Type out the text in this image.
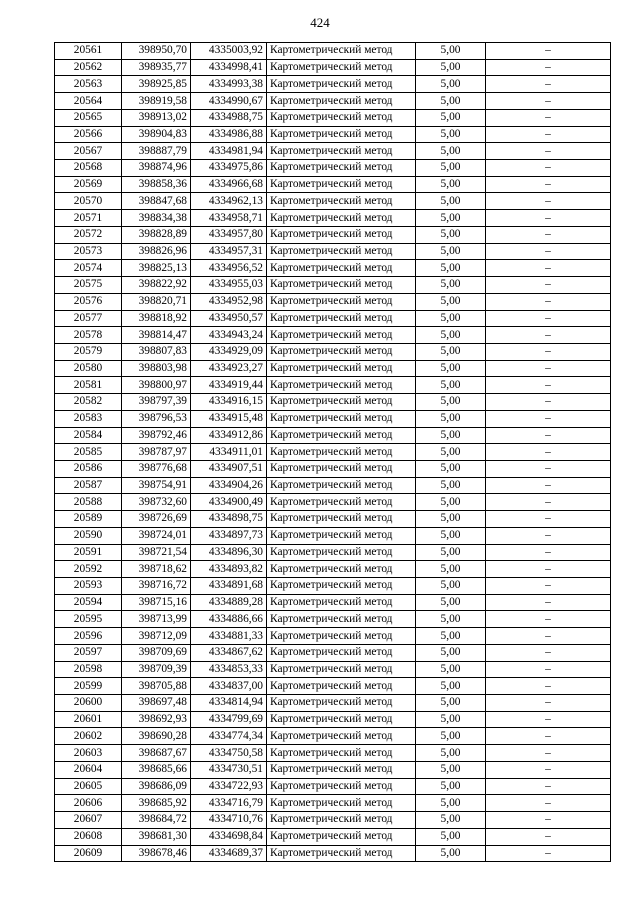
424
20561	398950,70	4335003,92	Картометрический метод	5,00	–
20562	398935,77	4334998,41	Картометрический метод	5,00	–
20563	398925,85	4334993,38	Картометрический метод	5,00	–
20564	398919,58	4334990,67	Картометрический метод	5,00	–
20565	398913,02	4334988,75	Картометрический метод	5,00	–
20566	398904,83	4334986,88	Картометрический метод	5,00	–
20567	398887,79	4334981,94	Картометрический метод	5,00	–
20568	398874,96	4334975,86	Картометрический метод	5,00	–
20569	398858,36	4334966,68	Картометрический метод	5,00	–
20570	398847,68	4334962,13	Картометрический метод	5,00	–
20571	398834,38	4334958,71	Картометрический метод	5,00	–
20572	398828,89	4334957,80	Картометрический метод	5,00	–
20573	398826,96	4334957,31	Картометрический метод	5,00	–
20574	398825,13	4334956,52	Картометрический метод	5,00	–
20575	398822,92	4334955,03	Картометрический метод	5,00	–
20576	398820,71	4334952,98	Картометрический метод	5,00	–
20577	398818,92	4334950,57	Картометрический метод	5,00	–
20578	398814,47	4334943,24	Картометрический метод	5,00	–
20579	398807,83	4334929,09	Картометрический метод	5,00	–
20580	398803,98	4334923,27	Картометрический метод	5,00	–
20581	398800,97	4334919,44	Картометрический метод	5,00	–
20582	398797,39	4334916,15	Картометрический метод	5,00	–
20583	398796,53	4334915,48	Картометрический метод	5,00	–
20584	398792,46	4334912,86	Картометрический метод	5,00	–
20585	398787,97	4334911,01	Картометрический метод	5,00	–
20586	398776,68	4334907,51	Картометрический метод	5,00	–
20587	398754,91	4334904,26	Картометрический метод	5,00	–
20588	398732,60	4334900,49	Картометрический метод	5,00	–
20589	398726,69	4334898,75	Картометрический метод	5,00	–
20590	398724,01	4334897,73	Картометрический метод	5,00	–
20591	398721,54	4334896,30	Картометрический метод	5,00	–
20592	398718,62	4334893,82	Картометрический метод	5,00	–
20593	398716,72	4334891,68	Картометрический метод	5,00	–
20594	398715,16	4334889,28	Картометрический метод	5,00	–
20595	398713,99	4334886,66	Картометрический метод	5,00	–
20596	398712,09	4334881,33	Картометрический метод	5,00	–
20597	398709,69	4334867,62	Картометрический метод	5,00	–
20598	398709,39	4334853,33	Картометрический метод	5,00	–
20599	398705,88	4334837,00	Картометрический метод	5,00	–
20600	398697,48	4334814,94	Картометрический метод	5,00	–
20601	398692,93	4334799,69	Картометрический метод	5,00	–
20602	398690,28	4334774,34	Картометрический метод	5,00	–
20603	398687,67	4334750,58	Картометрический метод	5,00	–
20604	398685,66	4334730,51	Картометрический метод	5,00	–
20605	398686,09	4334722,93	Картометрический метод	5,00	–
20606	398685,92	4334716,79	Картометрический метод	5,00	–
20607	398684,72	4334710,76	Картометрический метод	5,00	–
20608	398681,30	4334698,84	Картометрический метод	5,00	–
20609	398678,46	4334689,37	Картометрический метод	5,00	–
